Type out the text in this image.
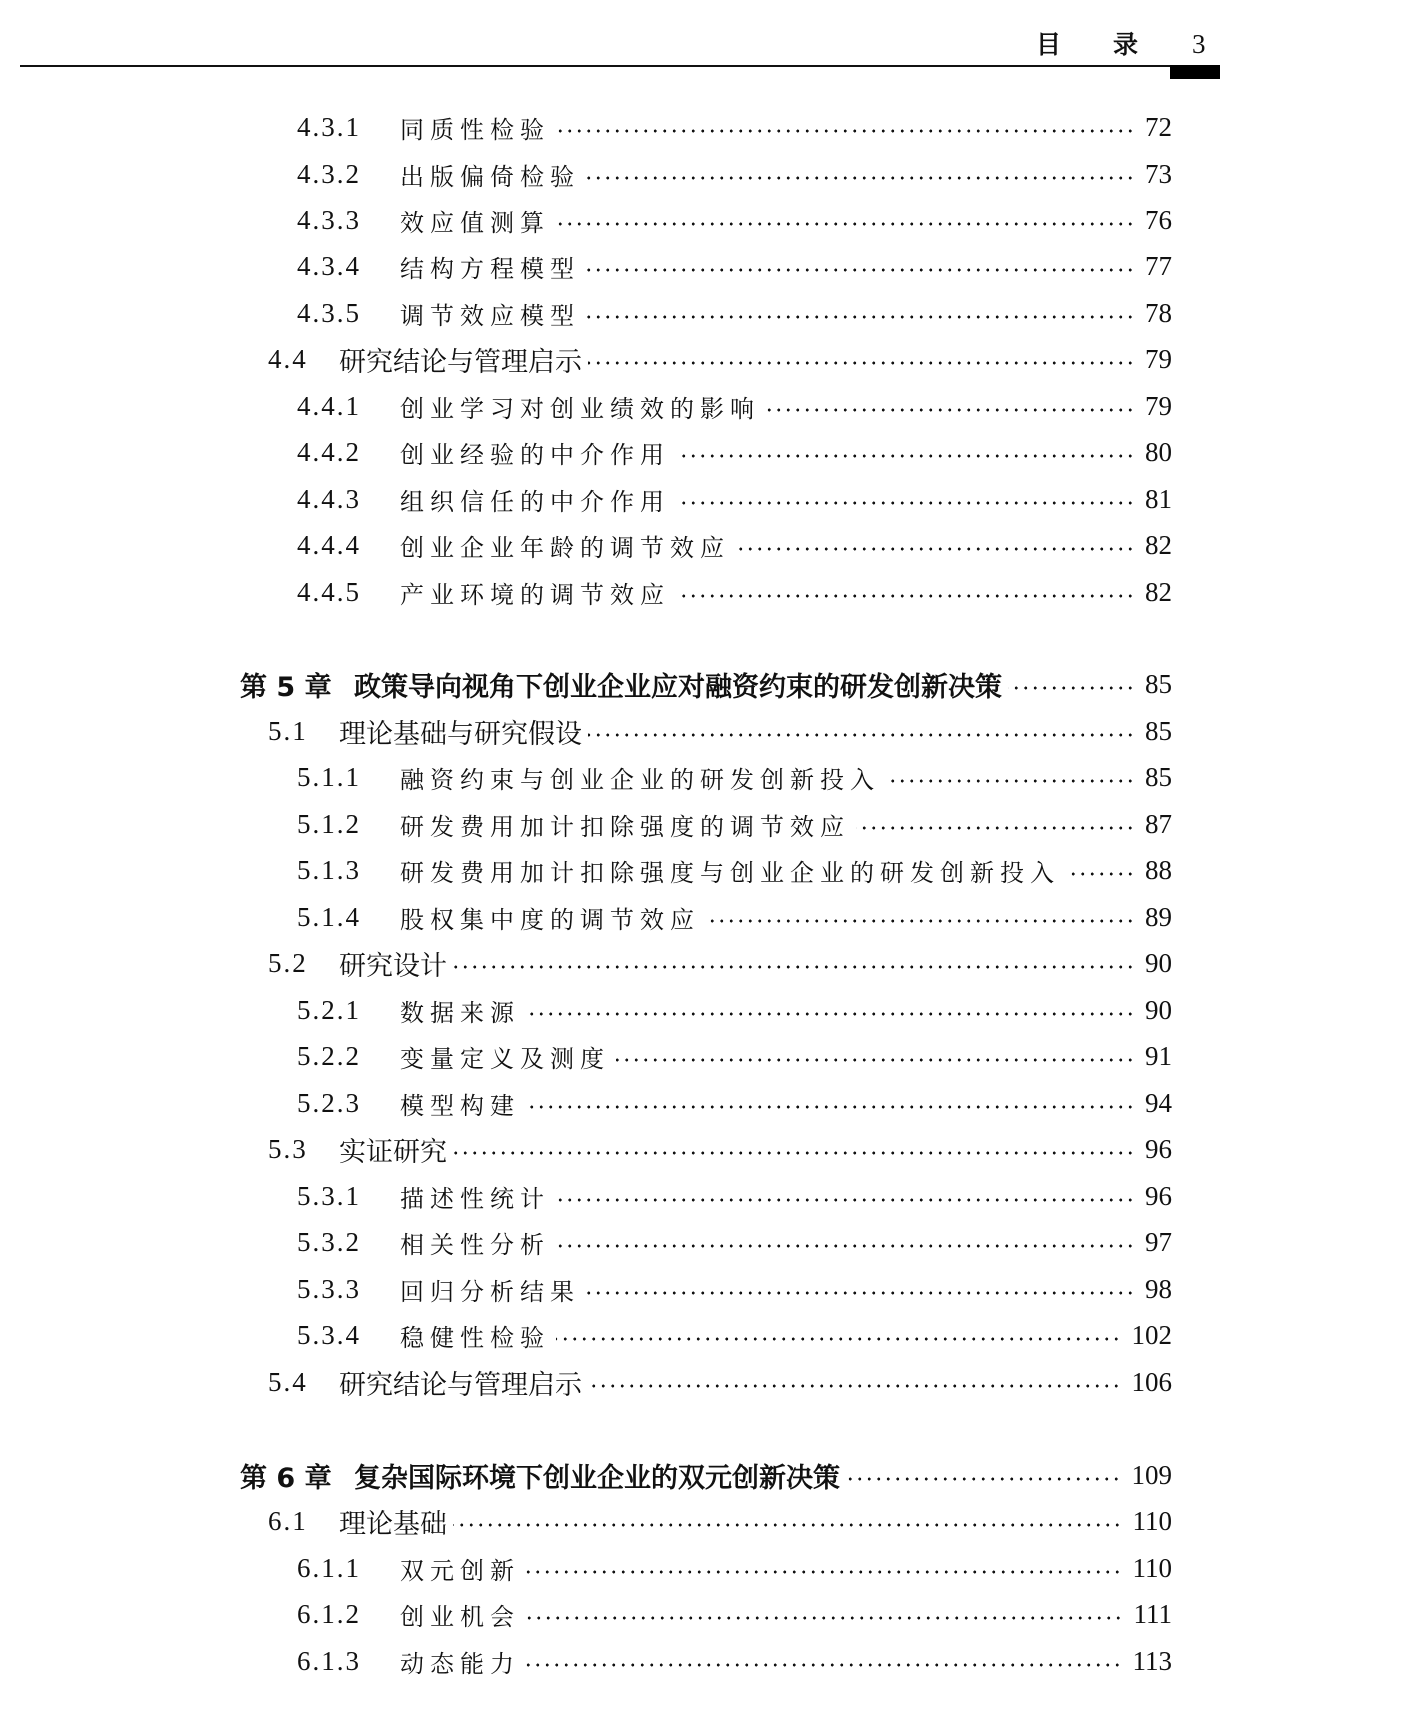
目 录 3
4.3.1 同质性检验	72
4.3.2 出版偏倚检验	73
4.3.3 效应值测算	76
4.3.4 结构方程模型	77
4.3.5 调节效应模型	78
4.4 研究结论与管理启示	79
4.4.1 创业学习对创业绩效的影响	79
4.4.2 创业经验的中介作用	80
4.4.3 组织信任的中介作用	81
4.4.4 创业企业年龄的调节效应	82
4.4.5 产业环境的调节效应	82
第 5 章 政策导向视角下创业企业应对融资约束的研发创新决策	85
5.1 理论基础与研究假设	85
5.1.1 融资约束与创业企业的研发创新投入	85
5.1.2 研发费用加计扣除强度的调节效应	87
5.1.3 研发费用加计扣除强度与创业企业的研发创新投入	88
5.1.4 股权集中度的调节效应	89
5.2 研究设计	90
5.2.1 数据来源	90
5.2.2 变量定义及测度	91
5.2.3 模型构建	94
5.3 实证研究	96
5.3.1 描述性统计	96
5.3.2 相关性分析	97
5.3.3 回归分析结果	98
5.3.4 稳健性检验	102
5.4 研究结论与管理启示	106
第 6 章 复杂国际环境下创业企业的双元创新决策	109
6.1 理论基础	110
6.1.1 双元创新	110
6.1.2 创业机会	111
6.1.3 动态能力	113
